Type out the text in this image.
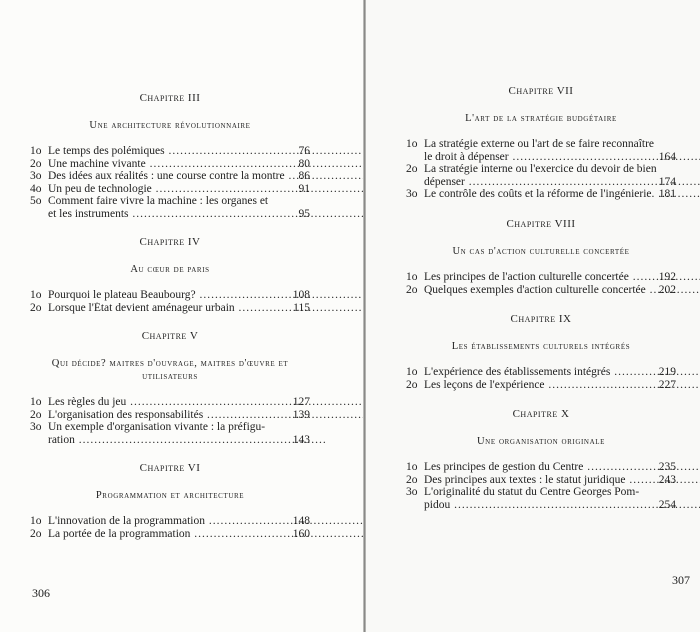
Chapitre III
Une architecture révolutionnaire
1o Le temps des polémiques .....	76
2o Une machine vivante .....	80
3o Des idées aux réalités : une course contre la montre .....	86
4o Un peu de technologie .....	91
5o Comment faire vivre la machine : les organes et
et les instruments .....	95
Chapitre IV
Au cœur de paris
1o Pourquoi le plateau Beaubourg? .....	108
2o Lorsque l'État devient aménageur urbain .....	115
Chapitre V
Qui décide? maitres d'ouvrage, maitres d'œuvre et utilisateurs
1o Les règles du jeu .....	127
2o L'organisation des responsabilités .....	139
3o Un exemple d'organisation vivante : la préfigu-
ration .....	143
Chapitre VI
Programmation et architecture
1o L'innovation de la programmation .....	148
2o La portée de la programmation .....	160
306
Chapitre VII
L'art de la stratégie budgétaire
1o La stratégie externe ou l'art de se faire reconnaître
le droit à dépenser .....	164
2o La stratégie interne ou l'exercice du devoir de bien
dépenser .....	174
3o Le contrôle des coûts et la réforme de l'ingénierie. ..... 181
Chapitre VIII
Un cas d'action culturelle concertée
1o Les principes de l'action culturelle concertée .....	192
2o Quelques exemples d'action culturelle concertée .....	202
Chapitre IX
Les établissements culturels intégrés
1o L'expérience des établissements intégrés .....	219
2o Les leçons de l'expérience .....	227
Chapitre X
Une organisation originale
1o Les principes de gestion du Centre .....	235
2o Des principes aux textes : le statut juridique .....	243
3o L'originalité du statut du Centre Georges Pom-
pidou .....	254
307
